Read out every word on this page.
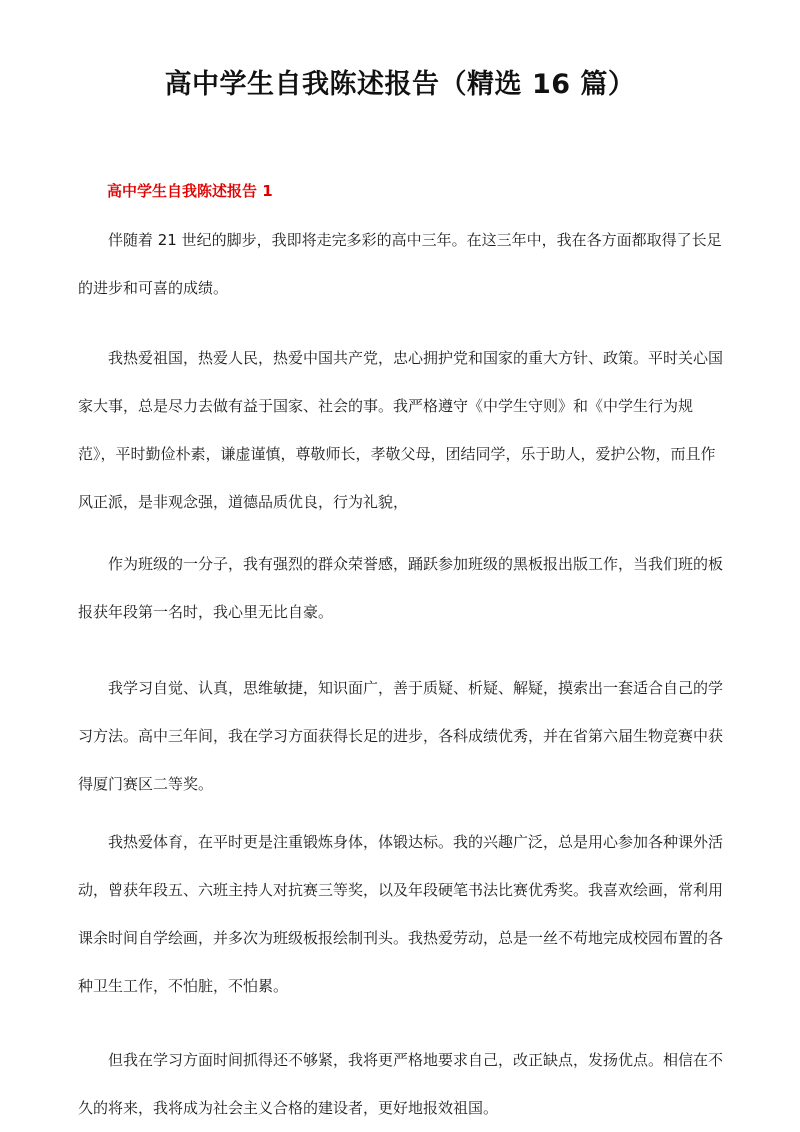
高中学生自我陈述报告（精选 16 篇）
高中学生自我陈述报告 1

伴随着 21 世纪的脚步，我即将走完多彩的高中三年。在这三年中，我在各方面都取得了长足的进步和可喜的成绩。

我热爱祖国，热爱人民，热爱中国共产党，忠心拥护党和国家的重大方针、政策。平时关心国家大事，总是尽力去做有益于国家、社会的事。我严格遵守《中学生守则》和《中学生行为规范》，平时勤俭朴素，谦虚谨慎，尊敬师长，孝敬父母，团结同学，乐于助人，爱护公物，而且作风正派，是非观念强，道德品质优良，行为礼貌，

作为班级的一分子，我有强烈的群众荣誉感，踊跃参加班级的黑板报出版工作，当我们班的板报获年段第一名时，我心里无比自豪。

我学习自觉、认真，思维敏捷，知识面广，善于质疑、析疑、解疑，摸索出一套适合自己的学习方法。高中三年间，我在学习方面获得长足的进步，各科成绩优秀，并在省第六届生物竞赛中获得厦门赛区二等奖。

我热爱体育，在平时更是注重锻炼身体，体锻达标。我的兴趣广泛，总是用心参加各种课外活动，曾获年段五、六班主持人对抗赛三等奖，以及年段硬笔书法比赛优秀奖。我喜欢绘画，常利用课余时间自学绘画，并多次为班级板报绘制刊头。我热爱劳动，总是一丝不苟地完成校园布置的各种卫生工作，不怕脏，不怕累。

但我在学习方面时间抓得还不够紧，我将更严格地要求自己，改正缺点，发扬优点。相信在不久的将来，我将成为社会主义合格的建设者，更好地报效祖国。
